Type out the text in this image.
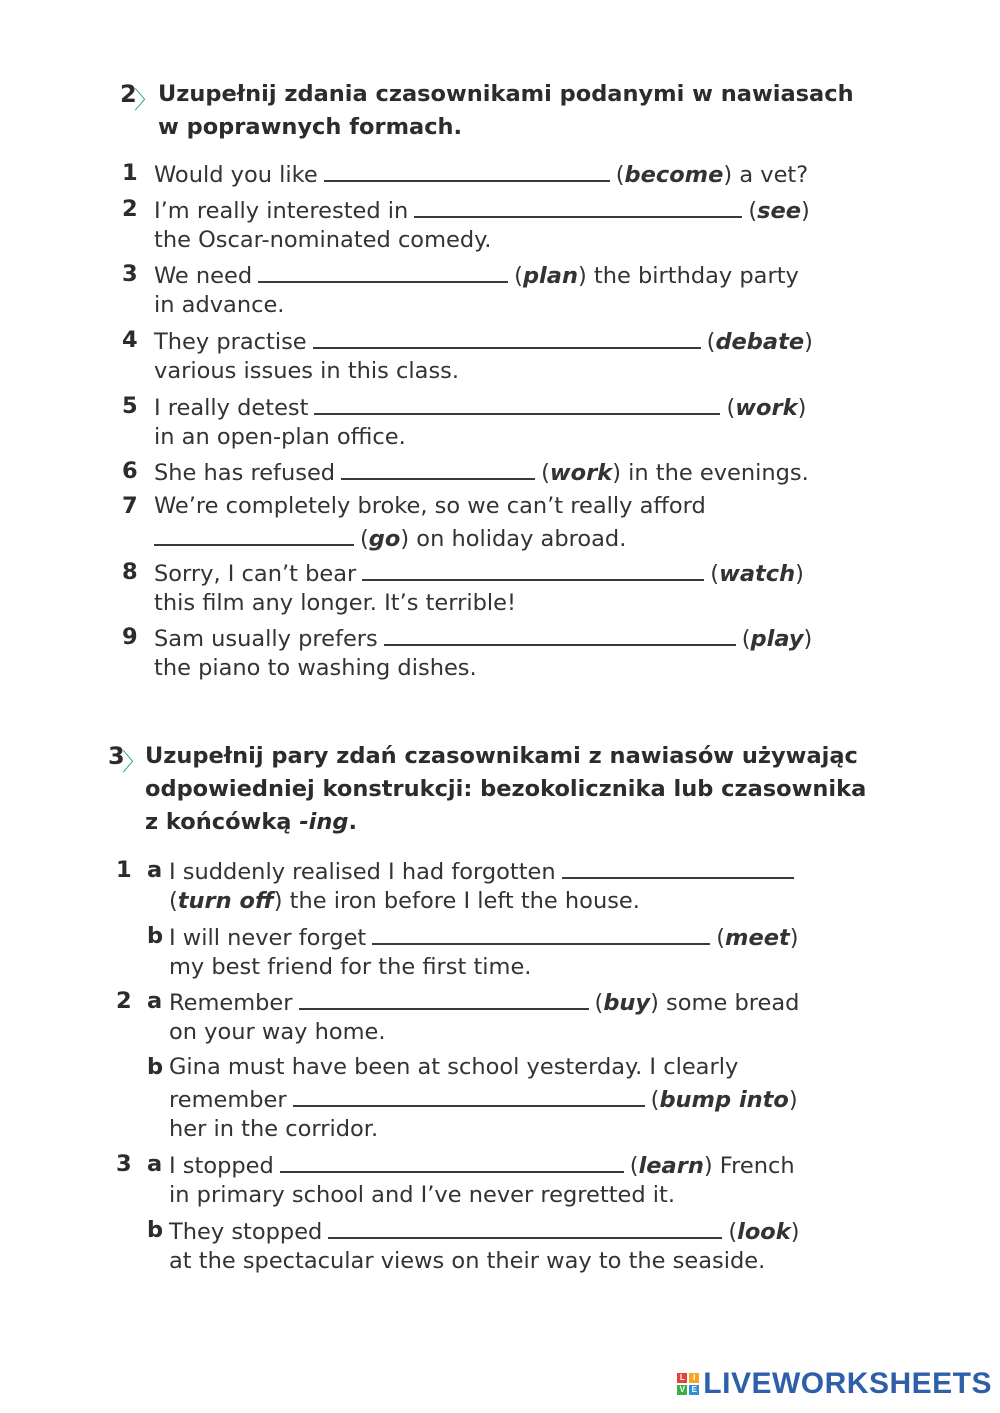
2
〉 Uzupełnij zdania czasownikami podanymi w nawiasach
w poprawnych formach.
1 Would you like	(become) a vet?
2 I’m really interested in	(see)
the Oscar-nominated comedy.
3 We need	(plan) the birthday party
in advance.
4 They practise	(debate)
various issues in this class.
5 I really detest	(work)
in an open-plan office.
6 She has refused	(work) in the evenings.
7 We’re completely broke, so we can’t really afford
(go) on holiday abroad.
8 Sorry, I can’t bear	(watch)
this film any longer. It’s terrible!
9 Sam usually prefers	(play)
the piano to washing dishes.
3
〉 Uzupełnij pary zdań czasownikami z nawiasów używając
odpowiedniej konstrukcji: bezokolicznika lub czasownika
z końcówką -ing.
1 a I suddenly realised I had forgotten
(turn off) the iron before I left the house.
b I will never forget	(meet)
my best friend for the first time.
2 a Remember	(buy) some bread
on your way home.
b Gina must have been at school yesterday. I clearly
remember	(bump into)
her in the corridor.
3 a I stopped	(learn) French
in primary school and I’ve never regretted it.
b They stopped	(look)
at the spectacular views on their way to the seaside.
L	I
V E LIVEWORKSHEETS
